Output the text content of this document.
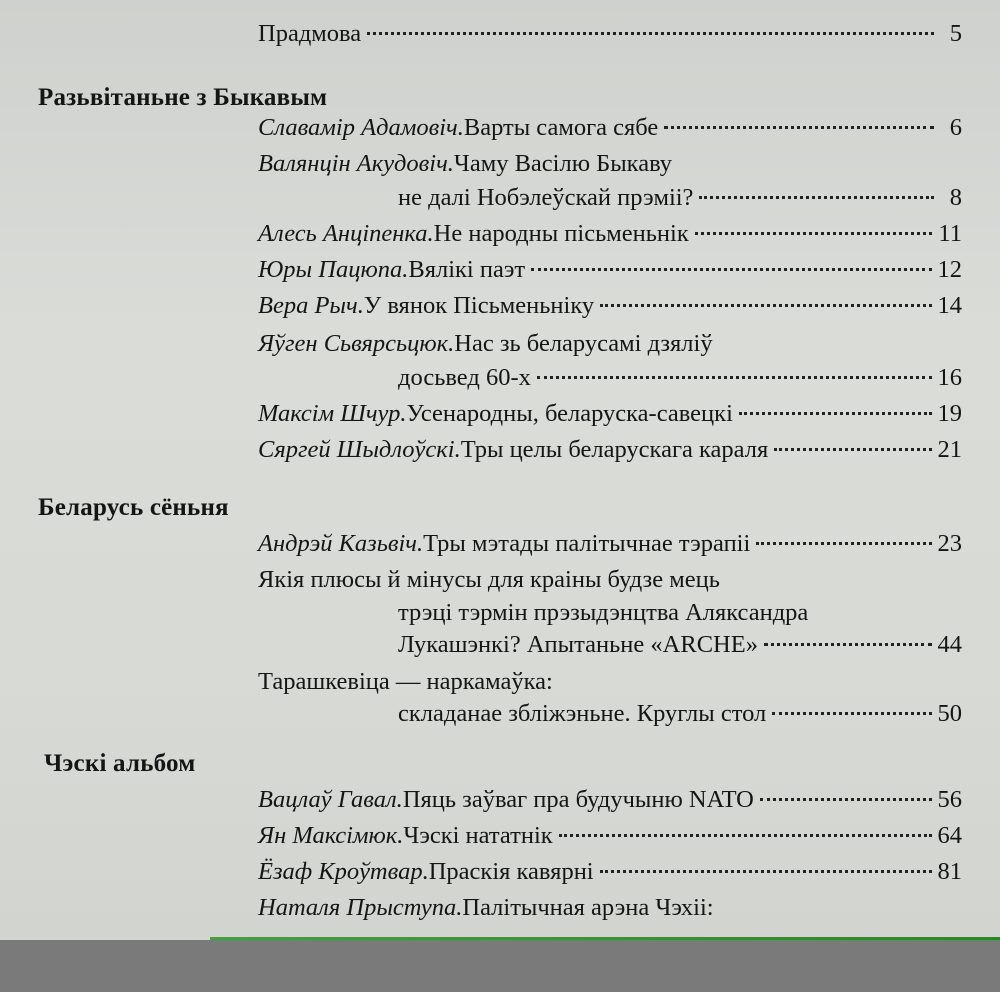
Прадмова	5
Разьвітаньне з Быкавым
Славамір Адамовіч. Варты самога сябе	6
Валянцін Акудовіч. Чаму Васілю Быкаву
не далі Нобэлеўскай прэміі?	8
Алесь Анціпенка. Не народны пісьменьнік	11
Юры Пацюпа. Вялікі паэт	12
Вера Рыч. У вянок Пісьменьніку	14
Яўген Сьвярсьцюк. Нас зь беларусамі дзяліў
досьвед 60-х	16
Максім Шчур. Усенародны, беларуска-савецкі	19
Сяргей Шыдлоўскі. Тры целы беларускага караля	21
Беларусь сёньня
Андрэй Казьвіч. Тры мэтады палітычнае тэрапіі	23
Якія плюсы й мінусы для краіны будзе мець
трэці тэрмін прэзыдэнцтва Аляксандра
Лукашэнкі? Апытаньне «ARCHE»	44
Тарашкевіца — наркамаўка:
складанае збліжэньне. Круглы стол	50
Чэскі альбом
Вацлаў Гавал. Пяць заўваг пра будучыню NATO	56
Ян Максімюк. Чэскі нататнік	64
Ёзаф Кроўтвар. Праскія кавярні	81
Наталя Прыступа. Палітычная арэна Чэхіі:
